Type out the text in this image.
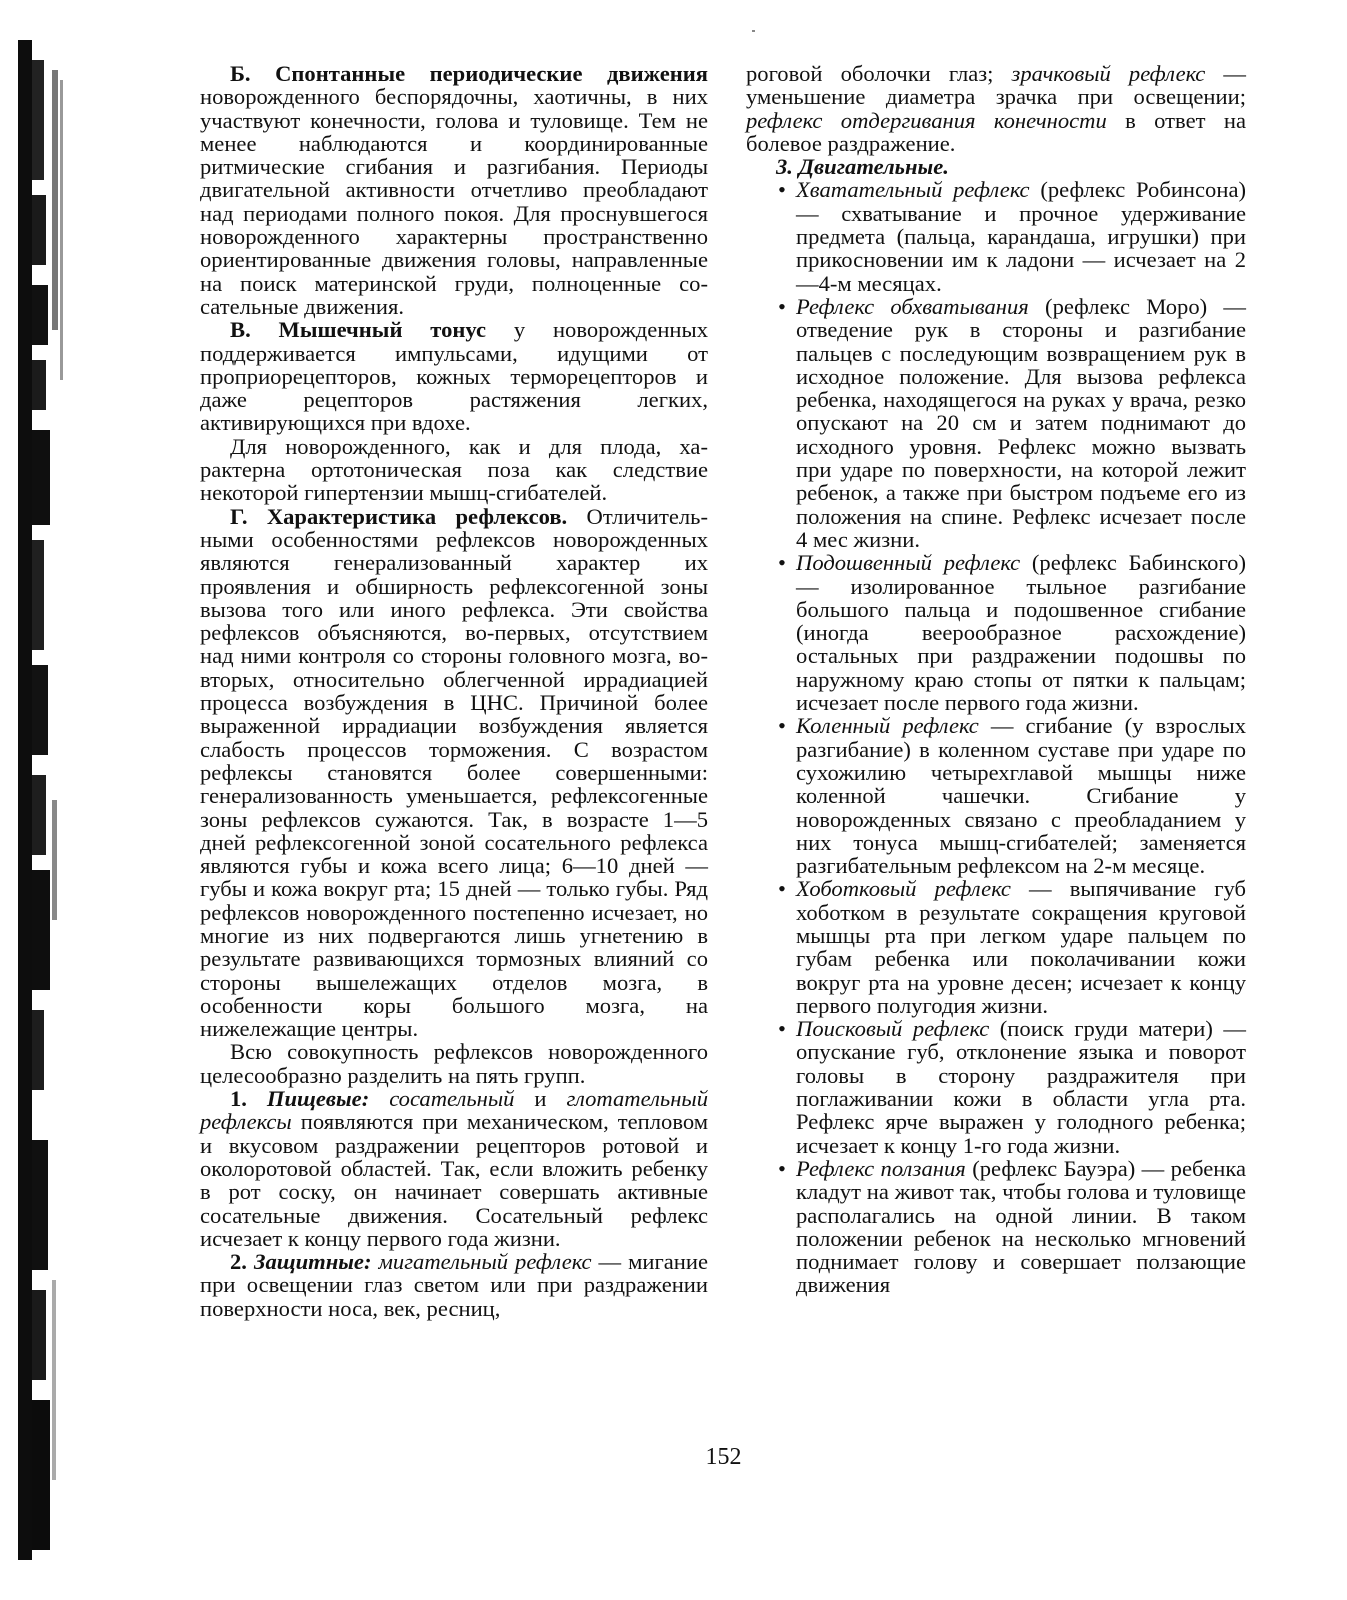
Б. Спонтанные периодические движения новорожденного беспорядочны, хаотичны, в них участвуют конечности, голова и туловище. Тем не менее наблюдаются и координированные ритмические сгибания и разгибания. Периоды двигательной активности отчетливо преобладают над периодами полного покоя. Для проснувшегося новорожденного характерны пространственно ориентированные движения головы, направленные на поиск материнской груди, полноценные сосательные движения.

В. Мышечный тонус у новорожденных поддерживается импульсами, идущими от проприорецепторов, кожных терморецепторов и даже рецепторов растяжения легких, активирующихся при вдохе.

Для новорожденного, как и для плода, характерна ортотоническая поза как следствие некоторой гипертензии мышц-сгибателей.

Г. Характеристика рефлексов. Отличительными особенностями рефлексов новорожденных являются генерализованный характер их проявления и обширность рефлексогенной зоны вызова того или иного рефлекса. Эти свойства рефлексов объясняются, во-первых, отсутствием над ними контроля со стороны головного мозга, во-вторых, относительно облегченной иррадиацией процесса возбуждения в ЦНС. Причиной более выраженной иррадиации возбуждения является слабость процессов торможения. С возрастом рефлексы становятся более совершенными: генерализованность уменьшается, рефлексогенные зоны рефлексов сужаются. Так, в возрасте 1—5 дней рефлексогенной зоной сосательного рефлекса являются губы и кожа всего лица; 6—10 дней — губы и кожа вокруг рта; 15 дней — только губы. Ряд рефлексов новорожденного постепенно исчезает, но многие из них подвергаются лишь угнетению в результате развивающихся тормозных влияний со стороны вышележащих отделов мозга, в особенности коры большого мозга, на нижележащие центры.

Всю совокупность рефлексов новорожденного целесообразно разделить на пять групп.

1. Пищевые: сосательный и глотательный рефлексы появляются при механическом, тепловом и вкусовом раздражении рецепторов ротовой и околоротовой областей. Так, если вложить ребенку в рот соску, он начинает совершать активные сосательные движения. Сосательный рефлекс исчезает к концу первого года жизни.

2. Защитные: мигательный рефлекс — мигание при освещении глаз светом или при раздражении поверхности носа, век, ресниц,

роговой оболочки глаз; зрачковый рефлекс — уменьшение диаметра зрачка при освещении; рефлекс отдергивания конечности в ответ на болевое раздражение.

3. Двигательные.

• Хватательный рефлекс (рефлекс Робинсона) — схватывание и прочное удерживание предмета (пальца, карандаша, игрушки) при прикосновении им к ладони — исчезает на 2—4-м месяцах.
• Рефлекс обхватывания (рефлекс Моро) — отведение рук в стороны и разгибание пальцев с последующим возвращением рук в исходное положение. Для вызова рефлекса ребенка, находящегося на руках у врача, резко опускают на 20 см и затем поднимают до исходного уровня. Рефлекс можно вызвать при ударе по поверхности, на которой лежит ребенок, а также при быстром подъеме его из положения на спине. Рефлекс исчезает после 4 мес жизни.
• Подошвенный рефлекс (рефлекс Бабинского) — изолированное тыльное разгибание большого пальца и подошвенное сгибание (иногда веерообразное расхождение) остальных при раздражении подошвы по наружному краю стопы от пятки к пальцам; исчезает после первого года жизни.
• Коленный рефлекс — сгибание (у взрослых разгибание) в коленном суставе при ударе по сухожилию четырехглавой мышцы ниже коленной чашечки. Сгибание у новорожденных связано с преобладанием у них тонуса мышц-сгибателей; заменяется разгибательным рефлексом на 2-м месяце.
• Хоботковый рефлекс — выпячивание губ хоботком в результате сокращения круговой мышцы рта при легком ударе пальцем по губам ребенка или поколачивании кожи вокруг рта на уровне десен; исчезает к концу первого полугодия жизни.
• Поисковый рефлекс (поиск груди матери) — опускание губ, отклонение языка и поворот головы в сторону раздражителя при поглаживании кожи в области угла рта. Рефлекс ярче выражен у голодного ребенка; исчезает к концу 1-го года жизни.
• Рефлекс ползания (рефлекс Бауэра) — ребенка кладут на живот так, чтобы голова и туловище располагались на одной линии. В таком положении ребенок на несколько мгновений поднимает голову и совершает ползающие движения
152
